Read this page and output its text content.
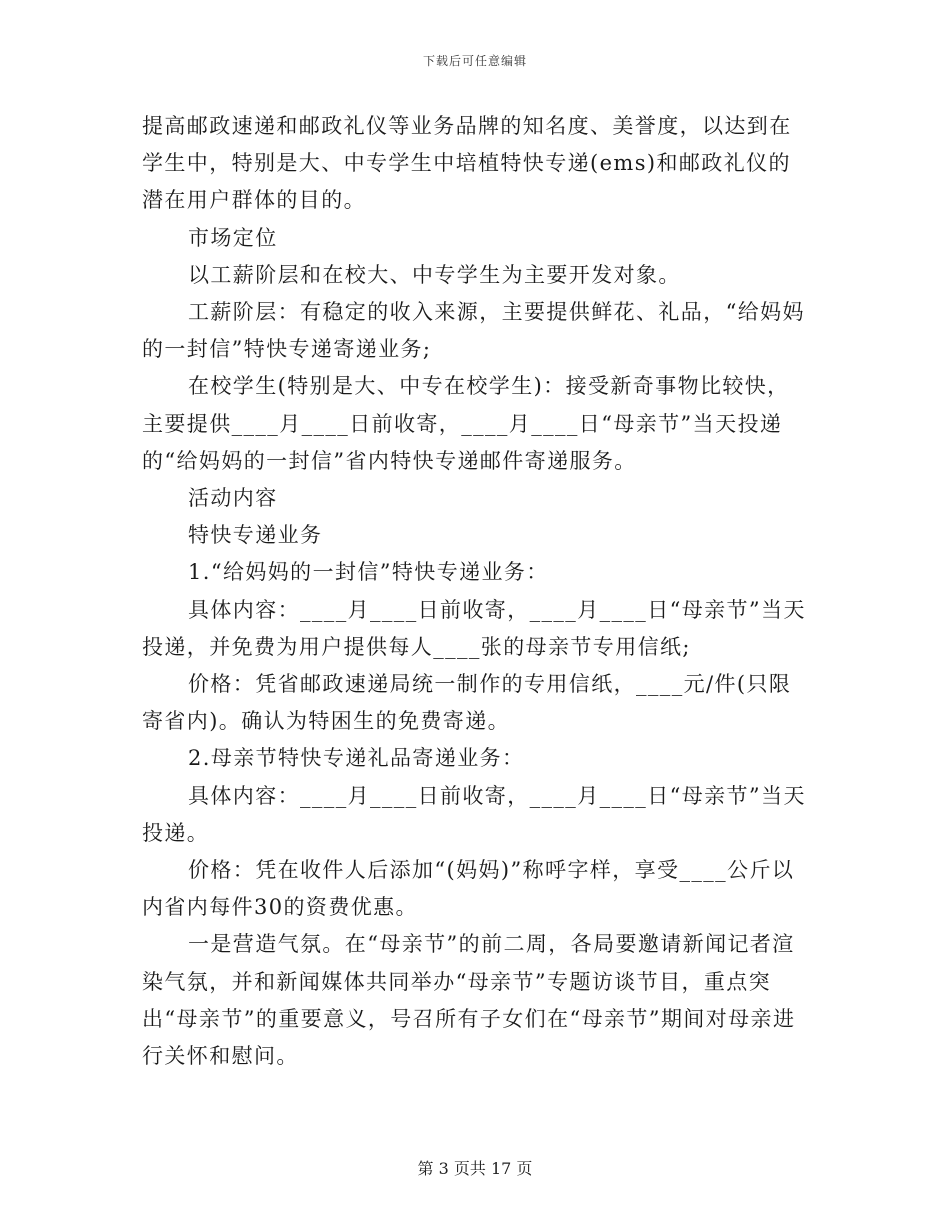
下载后可任意编辑

提高邮政速递和邮政礼仪等业务品牌的知名度、美誉度，以达到在学生中，特别是大、中专学生中培植特快专递(ems)和邮政礼仪的潜在用户群体的目的。

市场定位

以工薪阶层和在校大、中专学生为主要开发对象。

工薪阶层：有稳定的收入来源，主要提供鲜花、礼品，“给妈妈的一封信”特快专递寄递业务;

在校学生(特别是大、中专在校学生)：接受新奇事物比较快，主要提供____月____日前收寄，____月____日“母亲节”当天投递的“给妈妈的一封信”省内特快专递邮件寄递服务。

活动内容

特快专递业务

1.“给妈妈的一封信”特快专递业务：

具体内容：____月____日前收寄，____月____日“母亲节”当天投递，并免费为用户提供每人____张的母亲节专用信纸;

价格：凭省邮政速递局统一制作的专用信纸，____元/件(只限寄省内)。确认为特困生的免费寄递。

2.母亲节特快专递礼品寄递业务：

具体内容：____月____日前收寄，____月____日“母亲节”当天投递。

价格：凭在收件人后添加“(妈妈)”称呼字样，享受____公斤以内省内每件30的资费优惠。

一是营造气氛。在“母亲节”的前二周，各局要邀请新闻记者渲染气氛，并和新闻媒体共同举办“母亲节”专题访谈节目，重点突出“母亲节”的重要意义，号召所有子女们在“母亲节”期间对母亲进行关怀和慰问。

第 3 页共 17 页
